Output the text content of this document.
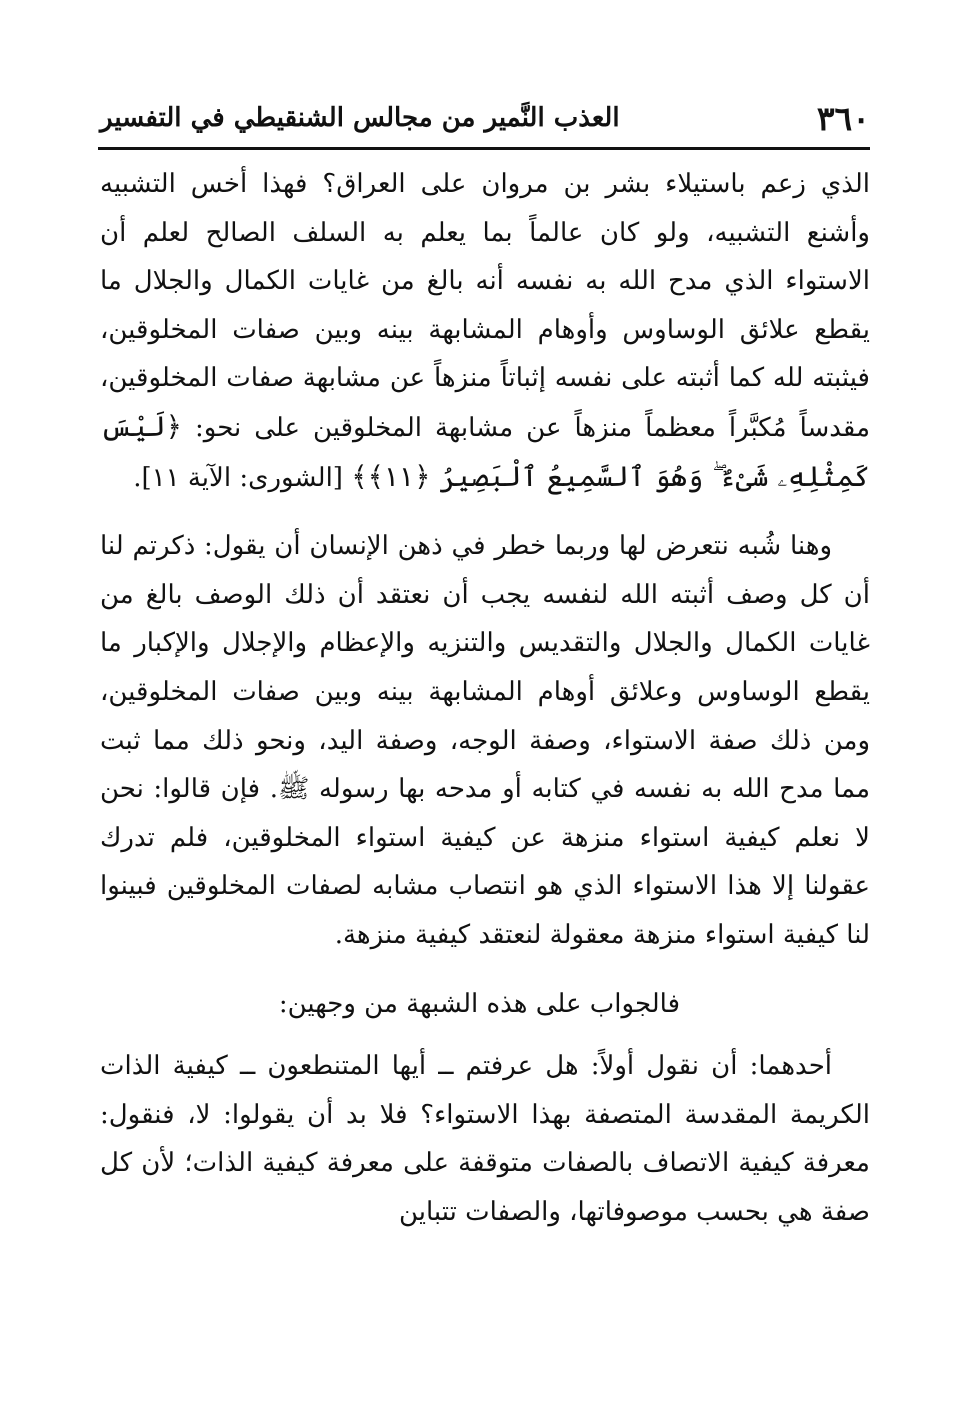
٣٦٠
العذب النَّمير من مجالس الشنقيطي في التفسير

الذي زعم باستيلاء بشر بن مروان على العراق؟ فهذا أخس التشبيه وأشنع التشبيه، ولو كان عالماً بما يعلم به السلف الصالح لعلم أن الاستواء الذي مدح الله به نفسه أنه بالغ من غايات الكمال والجلال ما يقطع علائق الوساوس وأوهام المشابهة بينه وبين صفات المخلوقين، فيثبته لله كما أثبته على نفسه إثباتاً منزهاً عن مشابهة صفات المخلوقين، مقدساً مُكبَّراً معظماً منزهاً عن مشابهة المخلوقين على نحو: ﴿لَيْسَ كَمِثْلِهِۦ شَىْءٌ ۖ وَهُوَ ٱلسَّمِيعُ ٱلْبَصِيرُ ﴿١١﴾﴾ [الشورى: الآية ١١].

وهنا شُبه نتعرض لها وربما خطر في ذهن الإنسان أن يقول: ذكرتم لنا أن كل وصف أثبته الله لنفسه يجب أن نعتقد أن ذلك الوصف بالغ من غايات الكمال والجلال والتقديس والتنزيه والإعظام والإجلال والإكبار ما يقطع الوساوس وعلائق أوهام المشابهة بينه وبين صفات المخلوقين، ومن ذلك صفة الاستواء، وصفة الوجه، وصفة اليد، ونحو ذلك مما ثبت مما مدح الله به نفسه في كتابه أو مدحه بها رسوله ﷺ. فإن قالوا: نحن لا نعلم كيفية استواء منزهة عن كيفية استواء المخلوقين، فلم تدرك عقولنا إلا هذا الاستواء الذي هو انتصاب مشابه لصفات المخلوقين فبينوا لنا كيفية استواء منزهة معقولة لنعتقد كيفية منزهة.

فالجواب على هذه الشبهة من وجهين:

أحدهما: أن نقول أولاً: هل عرفتم ــ أيها المتنطعون ــ كيفية الذات الكريمة المقدسة المتصفة بهذا الاستواء؟ فلا بد أن يقولوا: لا، فنقول: معرفة كيفية الاتصاف بالصفات متوقفة على معرفة كيفية الذات؛ لأن كل صفة هي بحسب موصوفاتها، والصفات تتباين
